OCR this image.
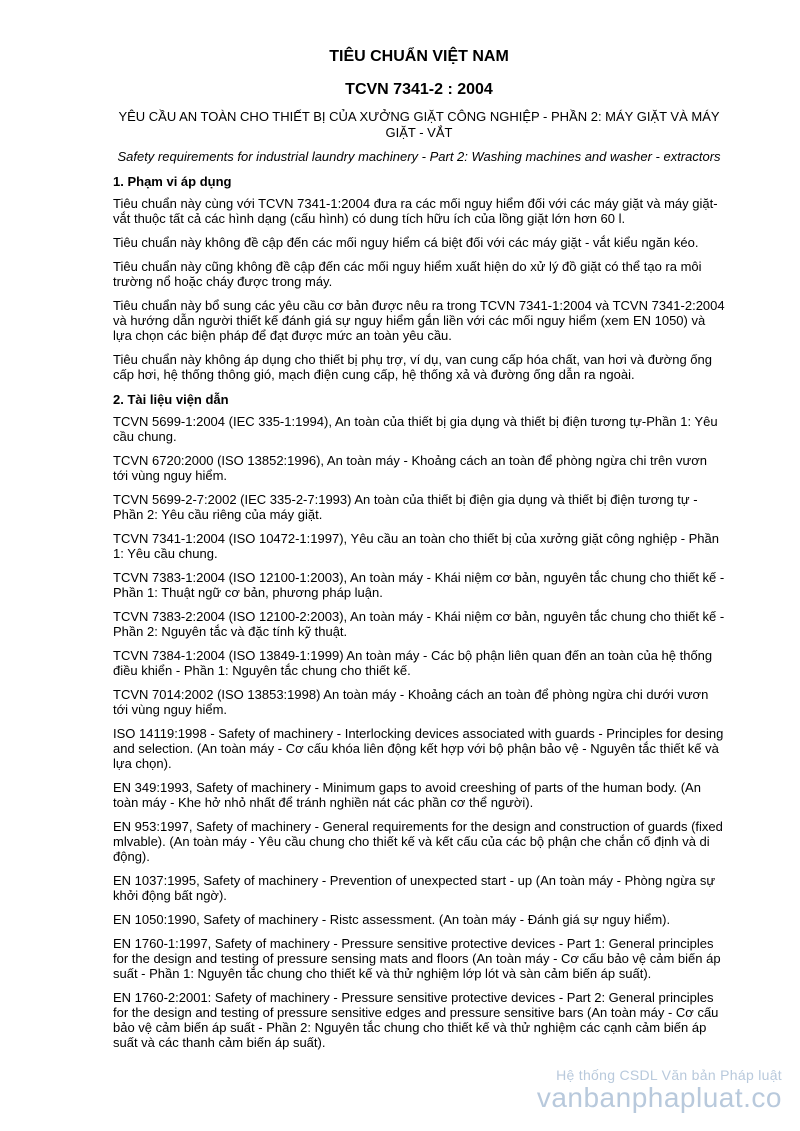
TIÊU CHUẨN VIỆT NAM
TCVN 7341-2 : 2004
YÊU CẦU AN TOÀN CHO THIẾT BỊ CỦA XƯỞNG GIẶT CÔNG NGHIỆP - PHẦN 2: MÁY GIẶT VÀ MÁY GIẶT - VẮT
Safety requirements for industrial laundry machinery - Part 2: Washing machines and washer - extractors
1. Phạm vi áp dụng

Tiêu chuẩn này cùng với TCVN 7341-1:2004 đưa ra các mối nguy hiểm đối với các máy giặt và máy giặt-vắt thuộc tất cả các hình dạng (cấu hình) có dung tích hữu ích của lồng giặt lớn hơn 60 l.

Tiêu chuẩn này không đề cập đến các mối nguy hiểm cá biệt đối với các máy giặt - vắt kiểu ngăn kéo.

Tiêu chuẩn này cũng không đề cập đến các mối nguy hiểm xuất hiện do xử lý đồ giặt có thể tạo ra môi trường nổ hoặc cháy được trong máy.

Tiêu chuẩn này bổ sung các yêu cầu cơ bản được nêu ra trong TCVN 7341-1:2004 và TCVN 7341-2:2004 và hướng dẫn người thiết kế đánh giá sự nguy hiểm gắn liền với các mối nguy hiểm (xem EN 1050) và lựa chọn các biện pháp để đạt được mức an toàn yêu cầu.

Tiêu chuẩn này không áp dụng cho thiết bị phụ trợ, ví dụ, van cung cấp hóa chất, van hơi và đường ống cấp hơi, hệ thống thông gió, mạch điện cung cấp, hệ thống xả và đường ống dẫn ra ngoài.

2. Tài liệu viện dẫn

TCVN 5699-1:2004 (IEC 335-1:1994), An toàn của thiết bị gia dụng và thiết bị điện tương tự-Phần 1: Yêu cầu chung.

TCVN 6720:2000 (ISO 13852:1996), An toàn máy - Khoảng cách an toàn để phòng ngừa chi trên vươn tới vùng nguy hiểm.

TCVN 5699-2-7:2002 (IEC 335-2-7:1993) An toàn của thiết bị điện gia dụng và thiết bị điện tương tự - Phần 2: Yêu cầu riêng của máy giặt.

TCVN 7341-1:2004 (ISO 10472-1:1997), Yêu cầu an toàn cho thiết bị của xưởng giặt công nghiệp - Phần 1: Yêu cầu chung.

TCVN 7383-1:2004 (ISO 12100-1:2003), An toàn máy - Khái niệm cơ bản, nguyên tắc chung cho thiết kế - Phần 1: Thuật ngữ cơ bản, phương pháp luận.

TCVN 7383-2:2004 (ISO 12100-2:2003), An toàn máy - Khái niệm cơ bản, nguyên tắc chung cho thiết kế - Phần 2: Nguyên tắc và đặc tính kỹ thuật.

TCVN 7384-1:2004 (ISO 13849-1:1999) An toàn máy - Các bộ phận liên quan đến an toàn của hệ thống điều khiển - Phần 1: Nguyên tắc chung cho thiết kế.

TCVN 7014:2002 (ISO 13853:1998) An toàn máy - Khoảng cách an toàn để phòng ngừa chi dưới vươn tới vùng nguy hiểm.

ISO 14119:1998 - Safety of machinery - Interlocking devices associated with guards - Principles for desing and selection. (An toàn máy - Cơ cấu khóa liên động kết hợp với bộ phận bảo vệ - Nguyên tắc thiết kế và lựa chọn).

EN 349:1993, Safety of machinery - Minimum gaps to avoid creeshing of parts of the human body. (An toàn máy - Khe hở nhỏ nhất để tránh nghiền nát các phần cơ thể người).

EN 953:1997, Safety of machinery - General requirements for the design and construction of guards (fixed mlvable). (An toàn máy - Yêu cầu chung cho thiết kế và kết cấu của các bộ phận che chắn cố định và di động).

EN 1037:1995, Safety of machinery - Prevention of unexpected start - up (An toàn máy - Phòng ngừa sự khởi động bất ngờ).

EN 1050:1990, Safety of machinery - Ristc assessment. (An toàn máy - Đánh giá sự nguy hiểm).

EN 1760-1:1997, Safety of machinery - Pressure sensitive protective devices - Part 1: General principles for the design and testing of pressure sensing mats and floors (An toàn máy - Cơ cấu bảo vệ cảm biến áp suất - Phần 1: Nguyên tắc chung cho thiết kế và thử nghiệm lớp lót và sàn cảm biến áp suất).

EN 1760-2:2001: Safety of machinery - Pressure sensitive protective devices - Part 2: General principles for the design and testing of pressure sensitive edges and pressure sensitive bars (An toàn máy - Cơ cấu bảo vệ cảm biến áp suất - Phần 2: Nguyên tắc chung cho thiết kế và thử nghiệm các cạnh cảm biến áp suất và các thanh cảm biến áp suất).

Hệ thống CSDL Văn bản Pháp luật
vanbanphapluat.co
